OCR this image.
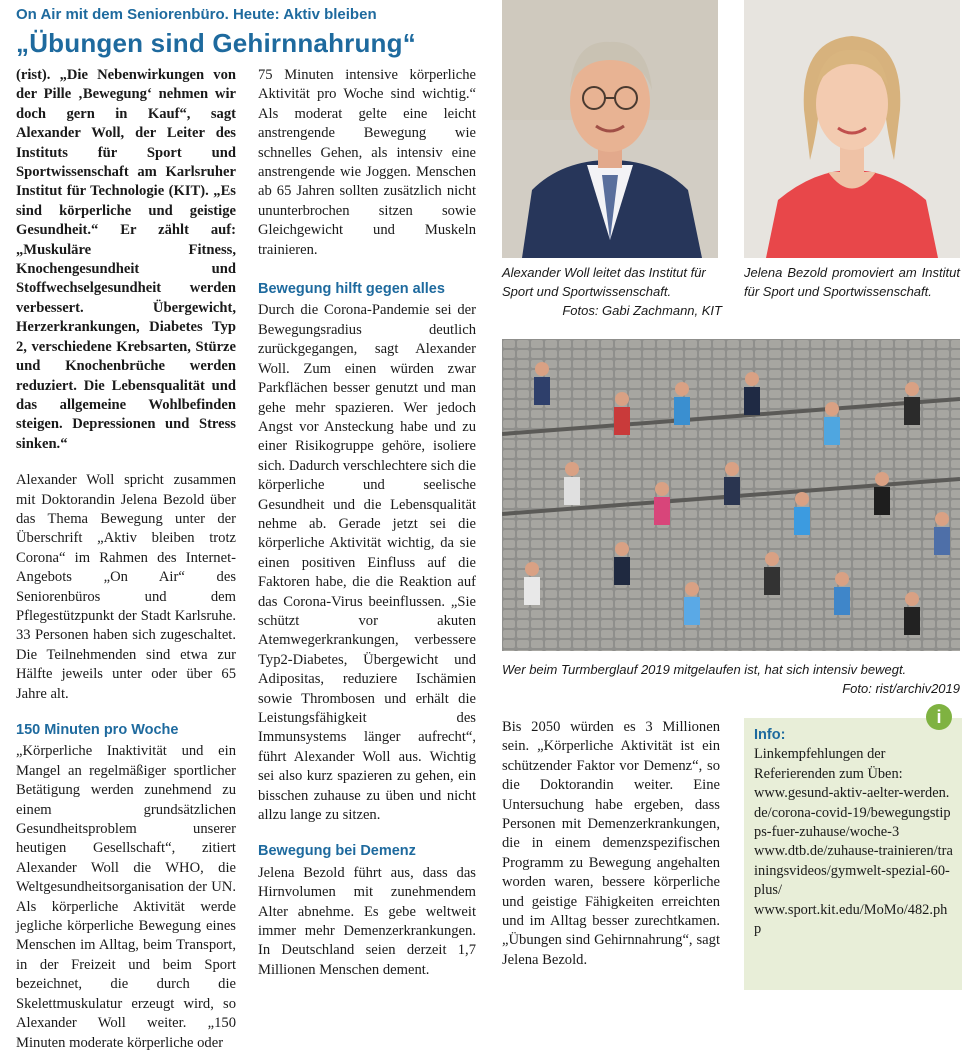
On Air mit dem Seniorenbüro. Heute: Aktiv bleiben
„Übungen sind Gehirnnahrung“

(rist). „Die Nebenwirkungen von der Pille ‚Bewegung‘ nehmen wir doch gern in Kauf“, sagt Alexander Woll, der Leiter des Instituts für Sport und Sportwissenschaft am Karlsruher Institut für Technologie (KIT). „Es sind körperliche und geistige Gesundheit.“ Er zählt auf: „Muskuläre Fitness, Knochengesundheit und Stoffwechselgesundheit werden verbessert. Übergewicht, Herzerkrankungen, Diabetes Typ 2, verschiedene Krebsarten, Stürze und Knochenbrüche werden reduziert. Die Lebensqualität und das allgemeine Wohlbefinden steigen. Depressionen und Stress sinken.“

Alexander Woll spricht zusammen mit Doktorandin Jelena Bezold über das Thema Bewegung unter der Überschrift „Aktiv bleiben trotz Corona“ im Rahmen des Internet-Angebots „On Air“ des Seniorenbüros und dem Pflegestützpunkt der Stadt Karlsruhe. 33 Personen haben sich zugeschaltet. Die Teilnehmenden sind etwa zur Hälfte jeweils unter oder über 65 Jahre alt.

150 Minuten pro Woche

„Körperliche Inaktivität und ein Mangel an regelmäßiger sportlicher Betätigung werden zunehmend zu einem grundsätzlichen Gesundheitsproblem unserer heutigen Gesellschaft“, zitiert Alexander Woll die WHO, die Weltgesundheitsorganisation der UN. Als körperliche Aktivität werde jegliche körperliche Bewegung eines Menschen im Alltag, beim Transport, in der Freizeit und beim Sport bezeichnet, die durch die Skelettmuskulatur erzeugt wird, so Alexander Woll weiter. „150 Minuten moderate körperliche oder

75 Minuten intensive körperliche Aktivität pro Woche sind wichtig.“ Als moderat gelte eine leicht anstrengende Bewegung wie schnelles Gehen, als intensiv eine anstrengende wie Joggen. Menschen ab 65 Jahren sollten zusätzlich nicht ununterbrochen sitzen sowie Gleichgewicht und Muskeln trainieren.

Bewegung hilft gegen alles

Durch die Corona-Pandemie sei der Bewegungsradius deutlich zurückgegangen, sagt Alexander Woll. Zum einen würden zwar Parkflächen besser genutzt und man gehe mehr spazieren. Wer jedoch Angst vor Ansteckung habe und zu einer Risikogruppe gehöre, isoliere sich. Dadurch verschlechtere sich die körperliche und seelische Gesundheit und die Lebensqualität nehme ab. Gerade jetzt sei die körperliche Aktivität wichtig, da sie einen positiven Einfluss auf die Faktoren habe, die die Reaktion auf das Corona-Virus beeinflussen. „Sie schützt vor akuten Atemwegerkrankungen, verbessere Typ2-Diabetes, Übergewicht und Adipositas, reduziere Ischämien sowie Thrombosen und erhält die Leistungsfähigkeit des Immunsystems länger aufrecht“, führt Alexander Woll aus. Wichtig sei also kurz spazieren zu gehen, ein bisschen zuhause zu üben und nicht allzu lange zu sitzen.

Bewegung bei Demenz

Jelena Bezold führt aus, dass das Hirnvolumen mit zunehmendem Alter abnehme. Es gebe weltweit immer mehr Demenzerkrankungen. In Deutschland seien derzeit 1,7 Millionen Menschen dement.

Alexander Woll leitet das Institut für Sport und Sportwissenschaft.
Fotos: Gabi Zachmann, KIT
Jelena Bezold promoviert am Institut für Sport und Sportwissenschaft.
Wer beim Turmberglauf 2019 mitgelaufen ist, hat sich intensiv bewegt.
Foto: rist/archiv2019

Bis 2050 würden es 3 Millionen sein. „Körperliche Aktivität ist ein schützender Faktor vor Demenz“, so die Doktorandin weiter. Eine Untersuchung habe ergeben, dass Personen mit Demenzerkrankungen, die in einem demenzspezifischen Programm zu Bewegung angehalten worden waren, bessere körperliche und geistige Fähigkeiten erreichten und im Alltag besser zurechtkamen. „Übungen sind Gehirnnahrung“, sagt Jelena Bezold.

i
Info:

Linkempfehlungen der Referierenden zum Üben:

www.gesund-aktiv-aelter-werden.de/corona-covid-19/bewegungstipps-fuer-zuhause/woche-3

www.dtb.de/zuhause-trainieren/trainingsvideos/gymwelt-spezial-60-plus/

www.sport.kit.edu/MoMo/482.php
